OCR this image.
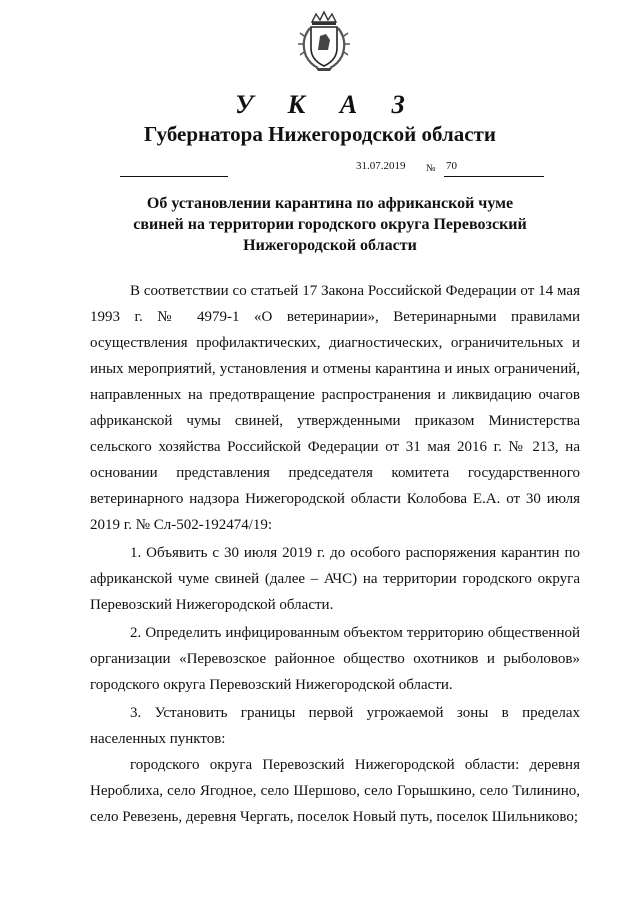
У К А З
Губернатора Нижегородской области
31.07.2019 № 70
Об установлении карантина по африканской чуме свиней на территории городского округа Перевозский Нижегородской области

В соответствии со статьей 17 Закона Российской Федерации от 14 мая 1993 г. № 4979-1 «О ветеринарии», Ветеринарными правилами осуществления профилактических, диагностических, ограничительных и иных мероприятий, установления и отмены карантина и иных ограничений, направленных на предотвращение распространения и ликвидацию очагов африканской чумы свиней, утвержденными приказом Министерства сельского хозяйства Российской Федерации от 31 мая 2016 г. № 213, на основании представления председателя комитета государственного ветеринарного надзора Нижегородской области Колобова Е.А. от 30 июля 2019 г. № Сл-502-192474/19:

1. Объявить с 30 июля 2019 г. до особого распоряжения карантин по африканской чуме свиней (далее – АЧС) на территории городского округа Перевозский Нижегородской области.

2. Определить инфицированным объектом территорию общественной организации «Перевозское районное общество охотников и рыболовов» городского округа Перевозский Нижегородской области.

3. Установить границы первой угрожаемой зоны в пределах населенных пунктов:

городского округа Перевозский Нижегородской области: деревня Нероблиха, село Ягодное, село Шершово, село Горышкино, село Тилинино, село Ревезень, деревня Чергать, поселок Новый путь, поселок Шильниково;
